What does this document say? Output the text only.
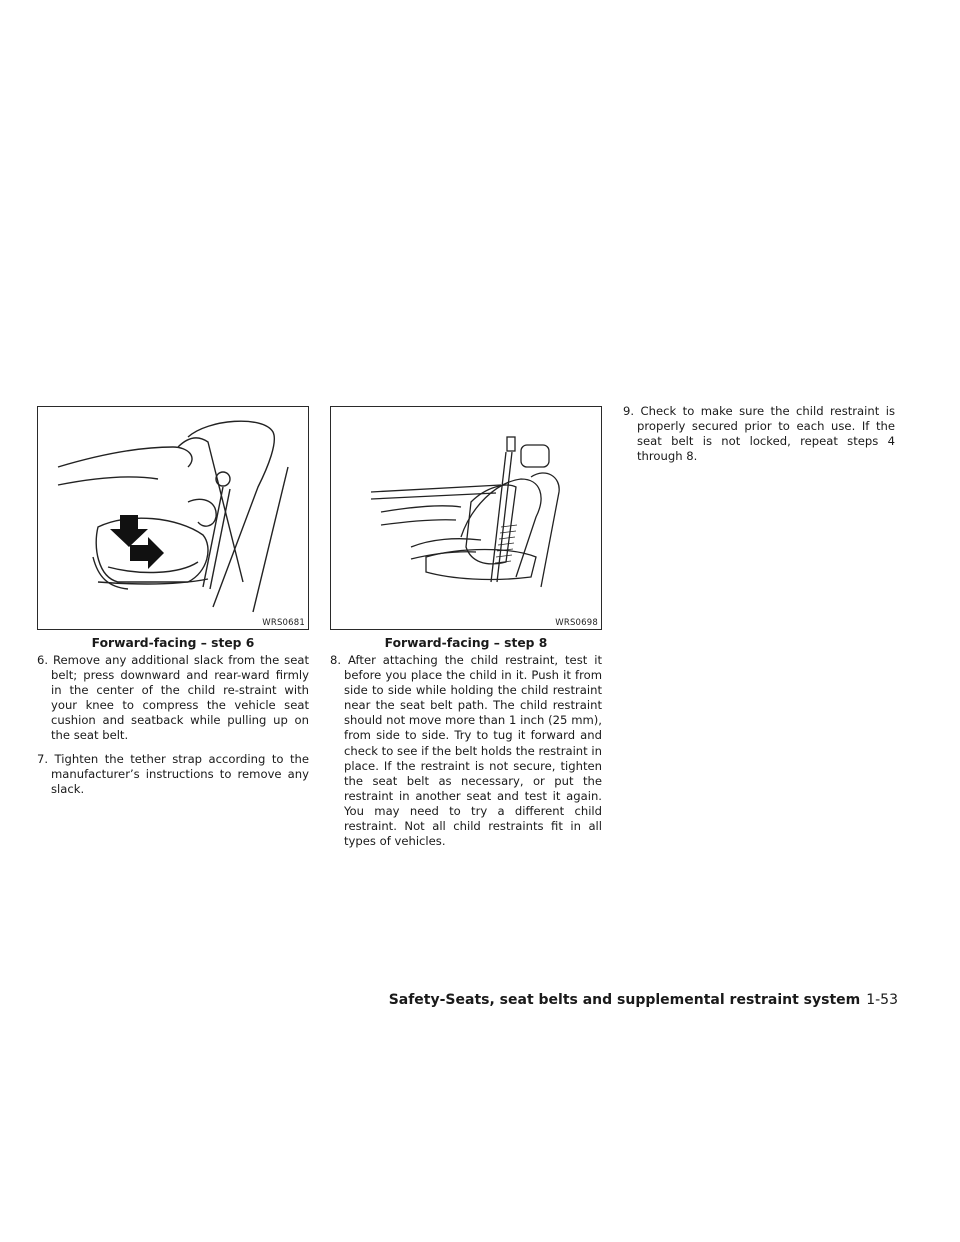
WRS0681
Forward-facing – step 6

6. Remove any additional slack from the seat belt; press downward and rear-ward firmly in the center of the child re-straint with your knee to compress the vehicle seat cushion and seatback while pulling up on the seat belt.

7. Tighten the tether strap according to the manufacturer’s instructions to remove any slack.

WRS0698
Forward-facing – step 8

8. After attaching the child restraint, test it before you place the child in it. Push it from side to side while holding the child restraint near the seat belt path. The child restraint should not move more than 1 inch (25 mm), from side to side. Try to tug it forward and check to see if the belt holds the restraint in place. If the restraint is not secure, tighten the seat belt as necessary, or put the restraint in another seat and test it again. You may need to try a different child restraint. Not all child restraints fit in all types of vehicles.

9. Check to make sure the child restraint is properly secured prior to each use. If the seat belt is not locked, repeat steps 4 through 8.

Safety-Seats, seat belts and supplemental restraint system 1-53
